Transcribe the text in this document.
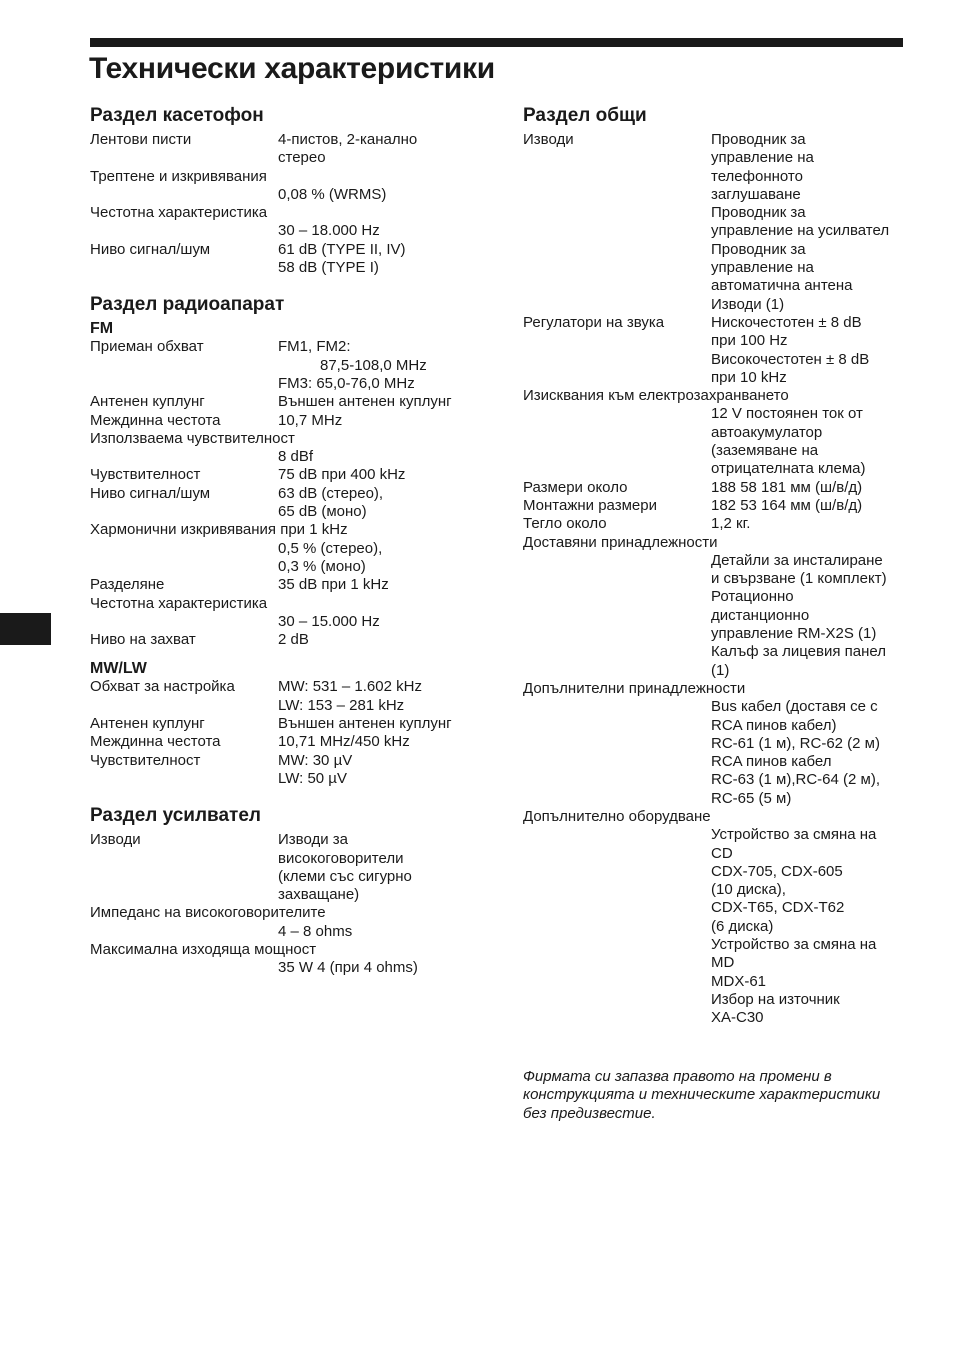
Технически характеристики
Раздел касетофон
Лентови писти	4-пистов, 2-канално
стерео
Трептене и изкривявания
0,08 % (WRMS)
Честотна характеристика
30 – 18.000 Hz
Ниво сигнал/шум	61 dB (TYPE II, IV)
58 dB (TYPE I)
Раздел радиоапарат
FM
Приеман обхват	FM1, FM2:
87,5-108,0 MHz
FM3: 65,0-76,0 MHz
Антенен куплунг	Външен антенен куплунг
Междинна честота	10,7 MHz
Използваема чувствителност
8 dBf
Чувствителност	75 dB при 400 kHz
Ниво сигнал/шум	63 dB (стерео),
65 dB (моно)
Хармонични изкривявания при 1 kHz
0,5 % (стерео),
0,3 % (моно)
Разделяне	35 dB при 1 kHz
Честотна характеристика
30 – 15.000 Hz
Ниво на захват	2 dB
MW/LW
Обхват за настройка	MW: 531 – 1.602 kHz
LW: 153 – 281 kHz
Антенен куплунг	Външен антенен куплунг
Междинна честота	10,71 MHz/450 kHz
Чувствителност	MW: 30 µV
LW: 50 µV
Раздел усилвател
Изводи	Изводи за
високоговорители
(клеми със сигурно
захващане)
Импеданс на високоговорителите
4 – 8 ohms
Максимална изходяща мощност
35 W 4 (при 4 ohms)
Раздел общи
Изводи	Проводник за
управление на
телефонното
заглушаване
Проводник за
управление на усилвател
Проводник за
управление на
автоматична антена
Изводи (1)
Регулатори на звука	Нискочестотен ± 8 dB
при 100 Hz
Високочестотен ± 8 dB
при 10 kHz
Изисквания към електрозахранването
12 V постоянен ток от
автоакумулатор
(заземяване на
отрицателната клема)
Размери около	188 58 181 мм (ш/в/д)
Монтажни размери	182 53 164 мм (ш/в/д)
Тегло около	1,2 кг.
Доставяни принадлежности
Детайли за инсталиране
и свързване (1 комплект)
Ротационно
дистанционно
управление RM-X2S (1)
Калъф за лицевия панел
(1)
Допълнителни принадлежности
Bus кабел (доставя се с
RCA пинов кабел)
RC-61 (1 м), RC-62 (2 м)
RCA пинов кабел
RC-63 (1 м),RC-64 (2 м),
RC-65 (5 м)
Допълнително оборудване
Устройство за смяна на
CD
CDX-705, CDX-605
(10 диска),
CDX-T65, CDX-T62
(6 диска)
Устройство за смяна на
MD
MDX-61
Избор на източник
XA-C30
Фирмата си запазва правото на промени в конструкцията и техническите характеристики без предизвестие.
